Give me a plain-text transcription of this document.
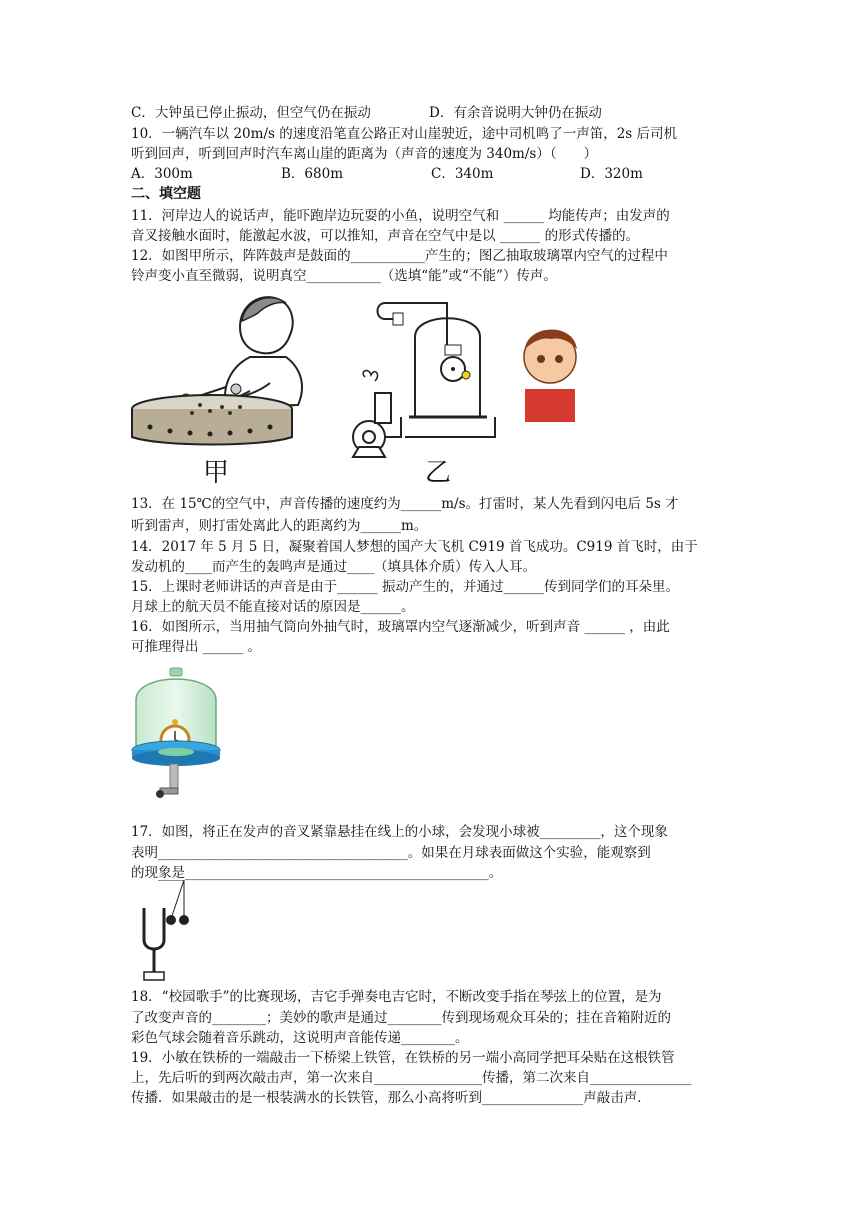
C．大钟虽已停止振动，但空气仍在振动	D．有余音说明大钟仍在振动
10．一辆汽车以 20m/s 的速度沿笔直公路正对山崖驶近，途中司机鸣了一声笛，2s 后司机
听到回声，听到回声时汽车离山崖的距离为（声音的速度为 340m/s）（　　）
A．300m	B．680m	C．340m	D．320m
二、填空题
11．河岸边人的说话声，能吓跑岸边玩耍的小鱼，说明空气和 ______ 均能传声；由发声的
音叉接触水面时，能激起水波，可以推知，声音在空气中是以 ______ 的形式传播的。
12．如图甲所示，阵阵鼓声是鼓面的___________产生的；图乙抽取玻璃罩内空气的过程中
铃声变小直至微弱，说明真空___________（选填“能”或“不能”）传声。
甲	乙
13．在 15℃的空气中，声音传播的速度约为______m/s。打雷时，某人先看到闪电后 5s 才
听到雷声，则打雷处离此人的距离约为______m。
14．2017 年 5 月 5 日，凝聚着国人梦想的国产大飞机 C919 首飞成功。C919 首飞时，由于
发动机的____而产生的轰鸣声是通过____（填具体介质）传入人耳。
15．上课时老师讲话的声音是由于______ 振动产生的，并通过______传到同学们的耳朵里。
月球上的航天员不能直接对话的原因是______。
16．如图所示，当用抽气筒向外抽气时，玻璃罩内空气逐渐减少，听到声音 ______ ，由此
可推理得出 ______ 。
17．如图，将正在发声的音叉紧靠悬挂在线上的小球，会发现小球被_________，这个现象
表明_____________________________________。如果在月球表面做这个实验，能观察到
的现象是_____________________________________________。
18．“校园歌手”的比赛现场，吉它手弹奏电吉它时，不断改变手指在琴弦上的位置，是为
了改变声音的________；美妙的歌声是通过________传到现场观众耳朵的；挂在音箱附近的
彩色气球会随着音乐跳动，这说明声音能传递________。
19．小敏在铁桥的一端敲击一下桥梁上铁管，在铁桥的另一端小高同学把耳朵贴在这根铁管
上，先后听的到两次敲击声，第一次来自________________传播，第二次来自_______________
传播．如果敲击的是一根装满水的长铁管，那么小高将听到_______________声敲击声．
